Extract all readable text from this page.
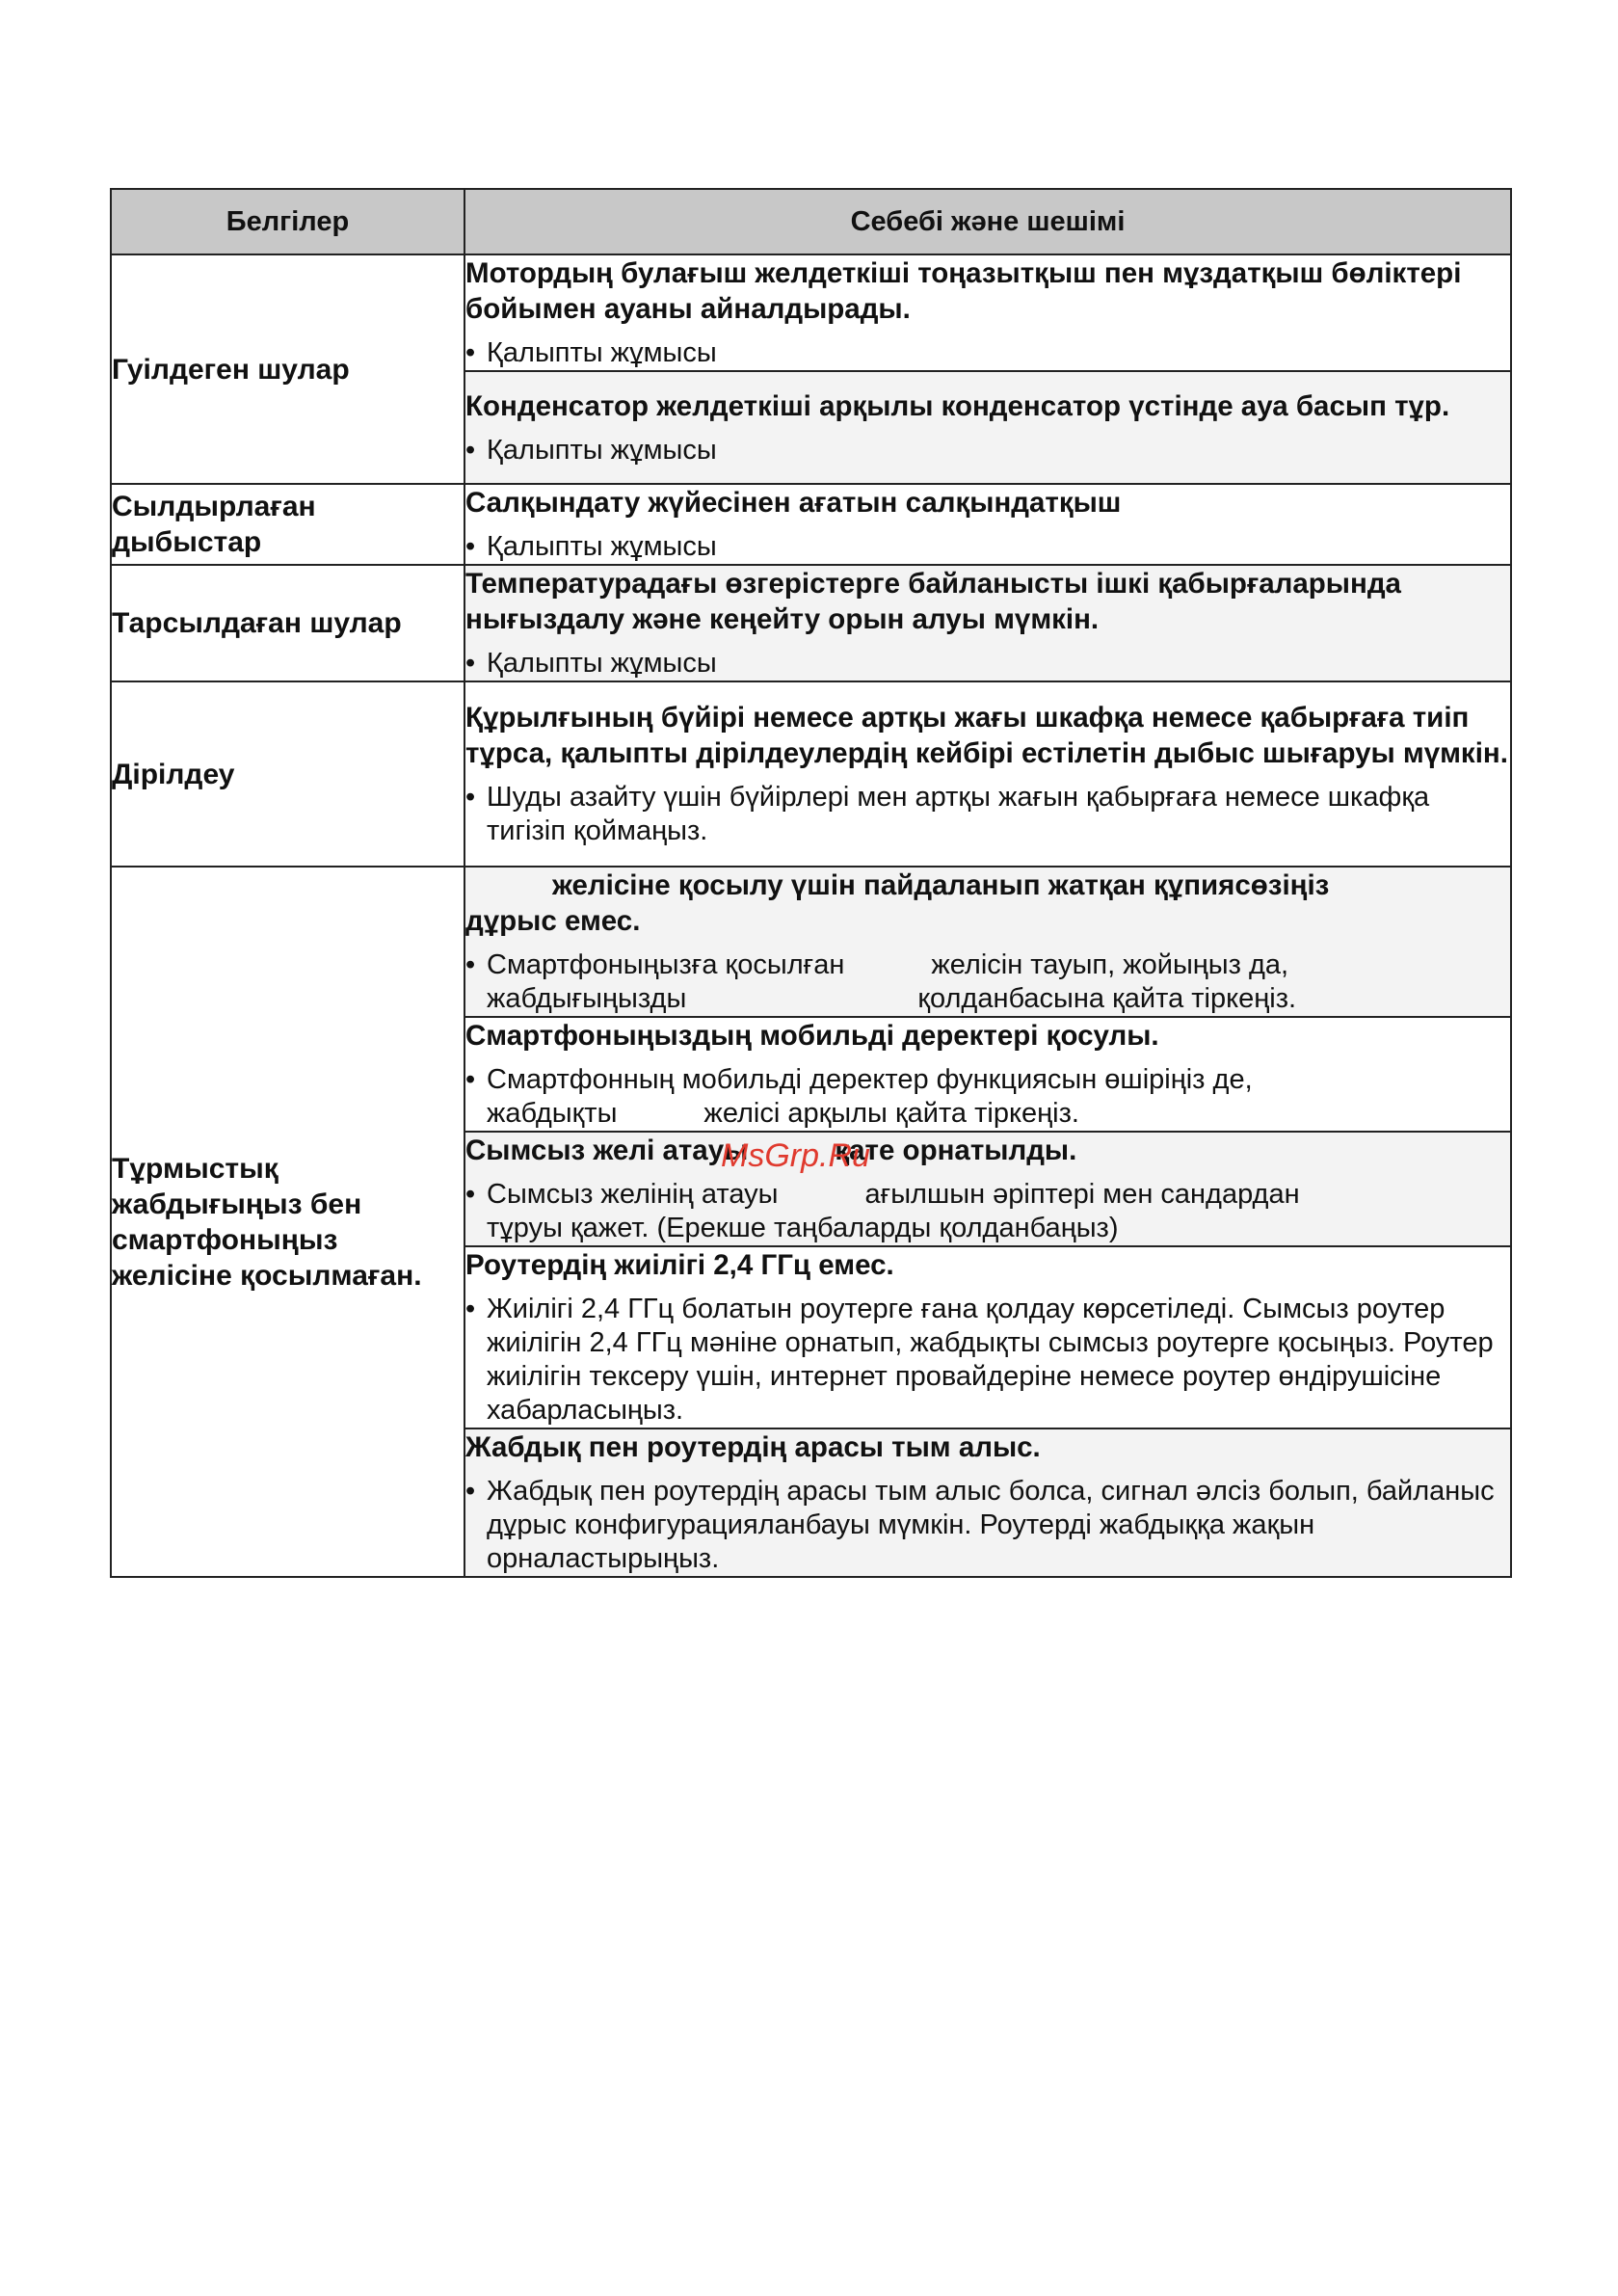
Белгілер	Себебі және шешімі
Гуілдеген шулар	Мотордың булағыш желдеткіші тоңазытқыш пен мұздатқыш бөліктері бойымен ауаны айналдырады.
• Қалыпты жұмысы

	Конденсатор желдеткіші арқылы конденсатор үстінде ауа басып тұр.
• Қалыпты жұмысы

Сылдырлаған дыбыстар	Салқындату жүйесінен ағатын салқындатқыш
• Қалыпты жұмысы

Тарсылдаған шулар	Температурадағы өзгерістерге байланысты ішкі қабырғаларында нығыздалу және кеңейту орын алуы мүмкін.
• Қалыпты жұмысы

Дірілдеу	Құрылғының бүйірі немесе артқы жағы шкафқа немесе қабырғаға тиіп тұрса, қалыпты дірілдеулердің кейбірі естілетін дыбыс шығаруы мүмкін.
• Шуды азайту үшін бүйірлері мен артқы жағын қабырғаға немесе шкафқа тигізіп қоймаңыз.

Тұрмыстық жабдығыңыз бен смартфоныңыз желісіне қосылмаған.	желісіне қосылу үшін пайдаланып жатқан құпиясөзіңіз
дұрыс емес.
• Смартфоныңызға қосылған желісін тауып, жойыңыз да,
жабдығыңызды қолданбасына қайта тіркеңіз.

	Смартфоныңыздың мобильді деректері қосулы.
• Смартфонның мобильді деректер функциясын өшіріңіз де,
жабдықты желісі арқылы қайта тіркеңіз.

	Сымсыз желі атауы қате орнатылды.
• Сымсыз желінің атауы ағылшын әріптері мен сандардан
тұруы қажет. (Ерекше таңбаларды қолданбаңыз)

	Роутердің жиілігі 2,4 ГГц емес.
• Жиілігі 2,4 ГГц болатын роутерге ғана қолдау көрсетіледі. Сымсыз роутер жиілігін 2,4 ГГц мәніне орнатып, жабдықты сымсыз роутерге қосыңыз. Роутер жиілігін тексеру үшін, интернет провайдеріне немесе роутер өндірушісіне хабарласыңыз.

	Жабдық пен роутердің арасы тым алыс.
• Жабдық пен роутердің арасы тым алыс болса, сигнал әлсіз болып, байланыс дұрыс конфигурацияланбауы мүмкін. Роутерді жабдыққа жақын орналастырыңыз.
MsGrp.Ru
